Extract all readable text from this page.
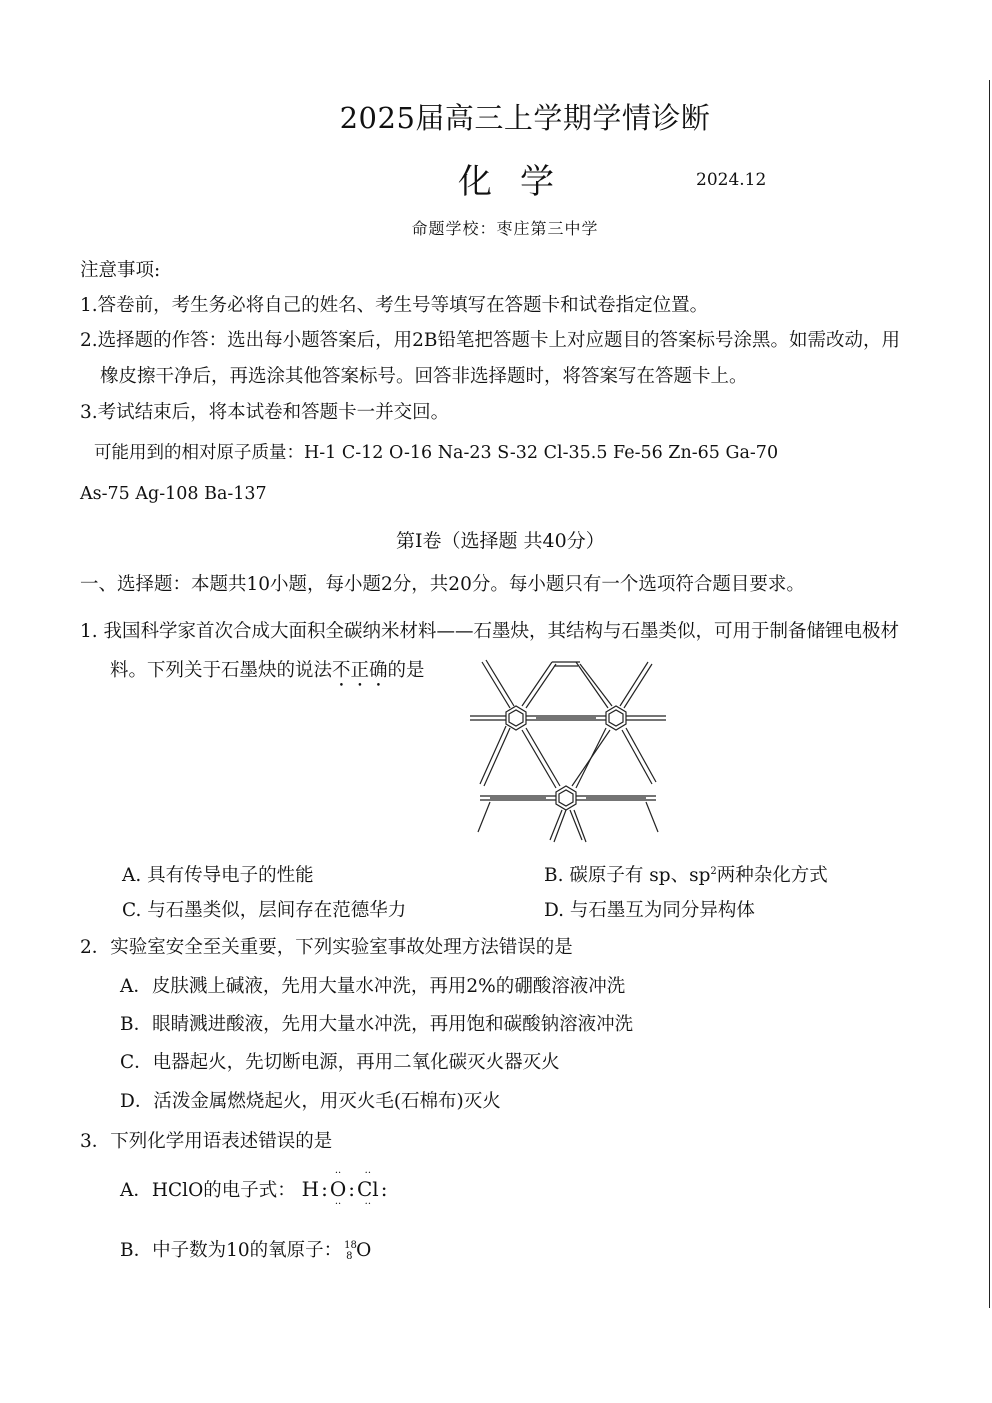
2025届高三上学期学情诊断
化学	2024.12
命题学校：枣庄第三中学
注意事项:
1.答卷前，考生务必将自己的姓名、考生号等填写在答题卡和试卷指定位置。
2.选择题的作答：选出每小题答案后，用2B铅笔把答题卡上对应题目的答案标号涂黑。如需改动，用
橡皮擦干净后，再选涂其他答案标号。回答非选择题时，将答案写在答题卡上。
3.考试结束后，将本试卷和答题卡一并交回。
可能用到的相对原子质量：H-1 C-12 O-16 Na-23 S-32 Cl-35.5 Fe-56 Zn-65 Ga-70
As-75 Ag-108 Ba-137
第Ⅰ卷（选择题 共40分）
一、选择题：本题共10小题，每小题2分，共20分。每小题只有一个选项符合题目要求。
1. 我国科学家首次合成大面积全碳纳米材料——石墨炔，其结构与石墨类似，可用于制备储锂电极材
料。下列关于石墨炔的说法不正确的是
A. 具有传导电子的性能	B. 碳原子有 sp、$sp^2$两种杂化方式
C. 与石墨类似，层间存在范德华力	D. 与石墨互为同分异构体
2．实验室安全至关重要，下列实验室事故处理方法错误的是
A．皮肤溅上碱液，先用大量水冲洗，再用2%的硼酸溶液冲洗
B．眼睛溅进酸液，先用大量水冲洗，再用饱和碳酸钠溶液冲洗
C．电器起火，先切断电源，再用二氧化碳灭火器灭火
D．活泼金属燃烧起火，用灭火毛(石棉布)灭火
3．下列化学用语表述错误的是
A．HClO的电子式： H :
··
O
··
:
··
Cl
··
:
B．中子数为10的氧原子： 18
8 O
